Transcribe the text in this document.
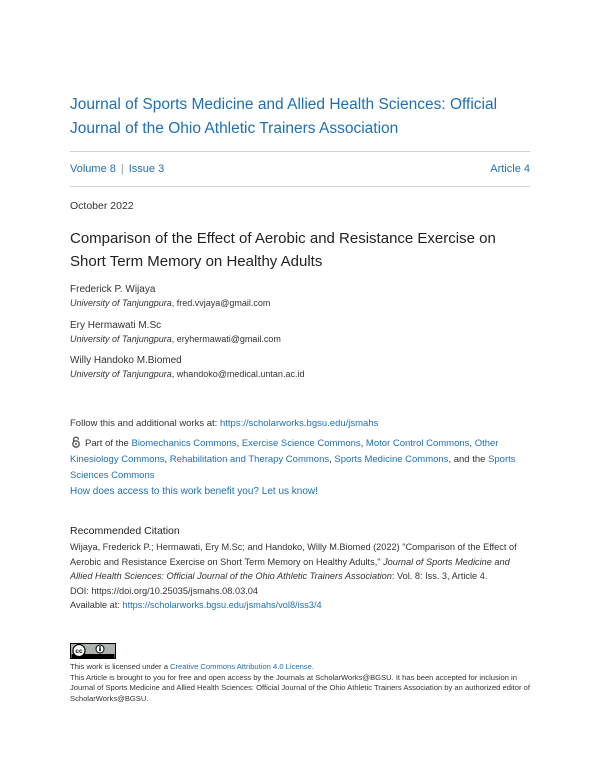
Journal of Sports Medicine and Allied Health Sciences: Official Journal of the Ohio Athletic Trainers Association
Volume 8 | Issue 3	Article 4
October 2022
Comparison of the Effect of Aerobic and Resistance Exercise on Short Term Memory on Healthy Adults
Frederick P. Wijaya
University of Tanjungpura, fred.vvjaya@gmail.com
Ery Hermawati M.Sc
University of Tanjungpura, eryhermawati@gmail.com
Willy Handoko M.Biomed
University of Tanjungpura, whandoko@medical.untan.ac.id
Follow this and additional works at: https://scholarworks.bgsu.edu/jsmahs
Part of the Biomechanics Commons, Exercise Science Commons, Motor Control Commons, Other Kinesiology Commons, Rehabilitation and Therapy Commons, Sports Medicine Commons, and the Sports Sciences Commons
How does access to this work benefit you? Let us know!
Recommended Citation
Wijaya, Frederick P.; Hermawati, Ery M.Sc; and Handoko, Willy M.Biomed (2022) "Comparison of the Effect of Aerobic and Resistance Exercise on Short Term Memory on Healthy Adults," Journal of Sports Medicine and Allied Health Sciences: Official Journal of the Ohio Athletic Trainers Association: Vol. 8: Iss. 3, Article 4.
DOI: https://doi.org/10.25035/jsmahs.08.03.04
Available at: https://scholarworks.bgsu.edu/jsmahs/vol8/iss3/4
cc
This work is licensed under a Creative Commons Attribution 4.0 License.
This Article is brought to you for free and open access by the Journals at ScholarWorks@BGSU. It has been accepted for inclusion in Journal of Sports Medicine and Allied Health Sciences: Official Journal of the Ohio Athletic Trainers Association by an authorized editor of ScholarWorks@BGSU.
